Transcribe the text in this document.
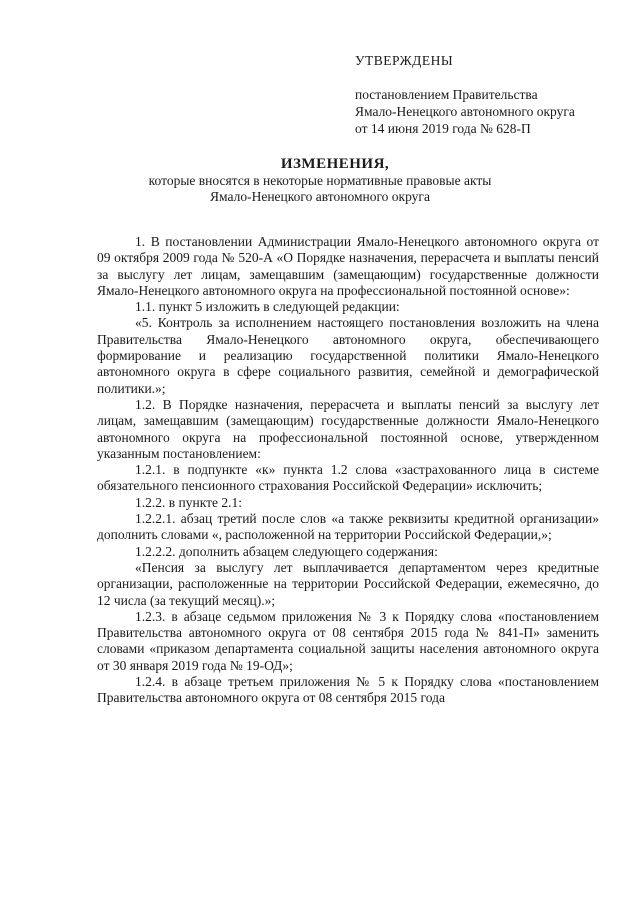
УТВЕРЖДЕНЫ
постановлением Правительства
Ямало-Ненецкого автономного округа
от 14 июня 2019 года № 628-П
ИЗМЕНЕНИЯ,
которые вносятся в некоторые нормативные правовые акты
Ямало-Ненецкого автономного округа

1. В постановлении Администрации Ямало-Ненецкого автономного округа от 09 октября 2009 года № 520-А «О Порядке назначения, перерасчета и выплаты пенсий за выслугу лет лицам, замещавшим (замещающим) государственные должности Ямало-Ненецкого автономного округа на профессиональной постоянной основе»:

1.1. пункт 5 изложить в следующей редакции:

«5. Контроль за исполнением настоящего постановления возложить на члена Правительства Ямало-Ненецкого автономного округа, обеспечивающего формирование и реализацию государственной политики Ямало-Ненецкого автономного округа в сфере социального развития, семейной и демографической политики.»;

1.2. В Порядке назначения, перерасчета и выплаты пенсий за выслугу лет лицам, замещавшим (замещающим) государственные должности Ямало-Ненецкого автономного округа на профессиональной постоянной основе, утвержденном указанным постановлением:

1.2.1. в подпункте «к» пункта 1.2 слова «застрахованного лица в системе обязательного пенсионного страхования Российской Федерации» исключить;

1.2.2. в пункте 2.1:

1.2.2.1. абзац третий после слов «а также реквизиты кредитной организации» дополнить словами «, расположенной на территории Российской Федерации,»;

1.2.2.2. дополнить абзацем следующего содержания:

«Пенсия за выслугу лет выплачивается департаментом через кредитные организации, расположенные на территории Российской Федерации, ежемесячно, до 12 числа (за текущий месяц).»;

1.2.3. в абзаце седьмом приложения № 3 к Порядку слова «постановлением Правительства автономного округа от 08 сентября 2015 года № 841-П» заменить словами «приказом департамента социальной защиты населения автономного округа от 30 января 2019 года № 19-ОД»;

1.2.4. в абзаце третьем приложения № 5 к Порядку слова «постановлением Правительства автономного округа от 08 сентября 2015 года
